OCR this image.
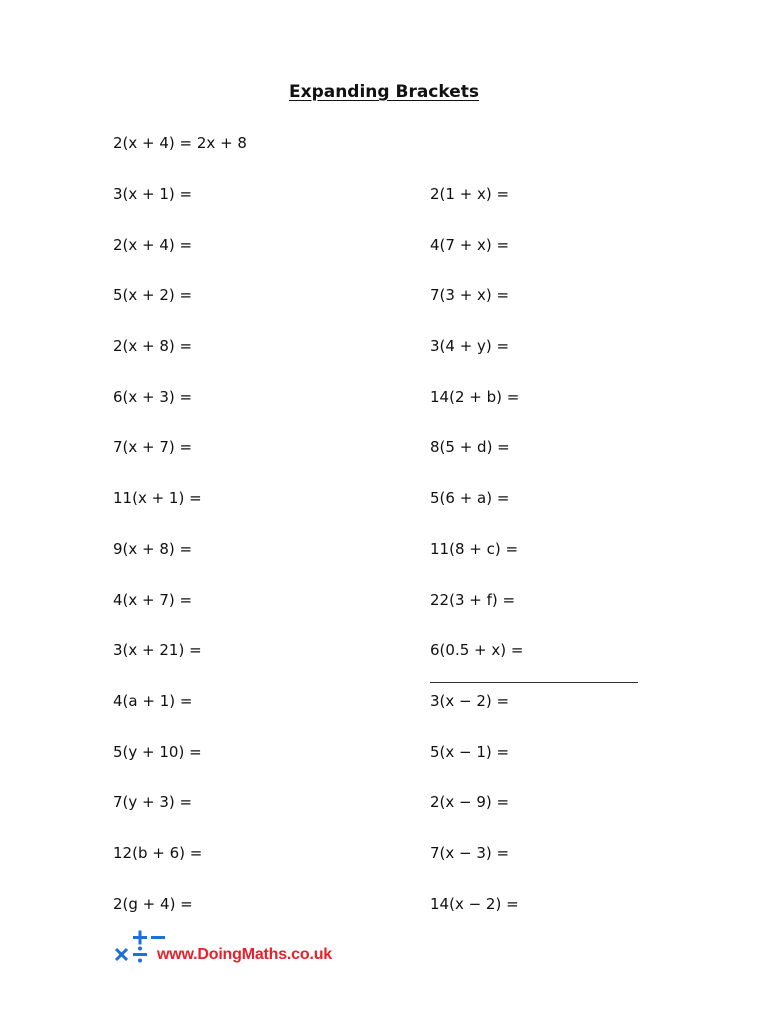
Expanding Brackets
2(x + 4) = 2x + 8
3(x + 1) =
2(x + 4) =
5(x + 2) =
2(x + 8) =
6(x + 3) =
7(x + 7) =
11(x + 1) =
9(x + 8) =
4(x + 7) =
3(x + 21) =
4(a + 1) =
5(y + 10) =
7(y + 3) =
12(b + 6) =
2(g + 4) =
2(1 + x) =
4(7 + x) =
7(3 + x) =
3(4 + y) =
14(2 + b) =
8(5 + d) =
5(6 + a) =
11(8 + c) =
22(3 + f) =
6(0.5 + x) =
3(x − 2) =
5(x − 1) =
2(x − 9) =
7(x − 3) =
14(x − 2) =
www.DoingMaths.co.uk
